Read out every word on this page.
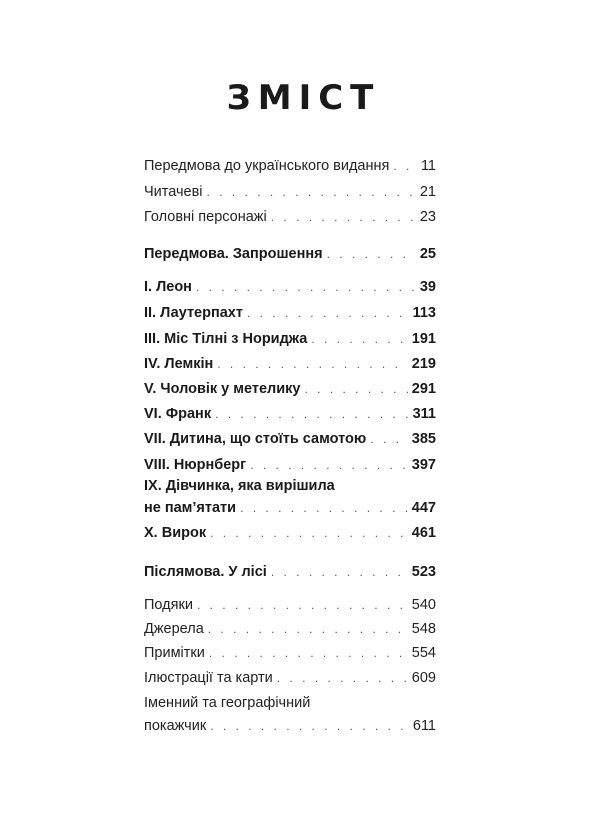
ЗМІСТ
Передмова до українського видання . . . 11
Читачеві . . .	21
Головні персонажі . . .	23
Передмова. Запрошення . . .	25
I. Леон . . .	39
II. Лаутерпахт . . .	113
III. Міс Тілні з Нориджа . . .	191
IV. Лемкін . . .	219
V. Чоловік у метелику . . .	291
VI. Франк . . .	311
VII. Дитина, що стоїть самотою . . .	385
VIII. Нюрнберг . . .	397
IX. Дівчинка, яка вирішила
не пам’ятати . . .	447
X. Вирок . . .	461
Післямова. У лісі . . .	523
Подяки . . .	540
Джерела . . .	548
Примітки . . .	554
Ілюстрації та карти . . .	609
Іменний та географічний
покажчик . . .	611
